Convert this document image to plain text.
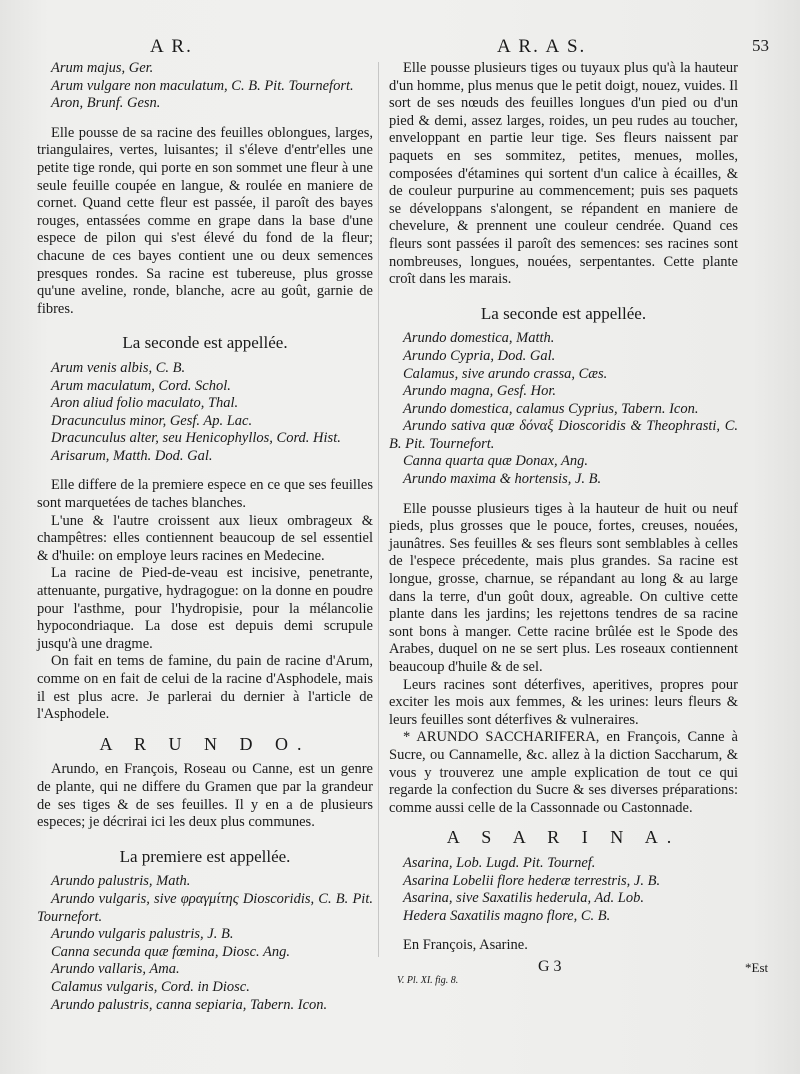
A R.	A R. A S.	53

Arum majus, Ger.

Arum vulgare non maculatum, C. B. Pit. Tournefort.

Aron, Brunf. Gesn.

Elle pousse de sa racine des feuilles oblongues, larges, triangulaires, vertes, luisantes; il s'éleve d'entr'elles une petite tige ronde, qui porte en son sommet une fleur à une seule feuille coupée en langue, & roulée en maniere de cornet. Quand cette fleur est passée, il paroît des bayes rouges, entassées comme en grape dans la base d'une espece de pilon qui s'est élevé du fond de la fleur; chacune de ces bayes contient une ou deux semences presques rondes. Sa racine est tubereuse, plus grosse qu'une aveline, ronde, blanche, acre au goût, garnie de fibres.

La seconde est appellée.

Arum venis albis, C. B.

Arum maculatum, Cord. Schol.

Aron aliud folio maculato, Thal.

Dracunculus minor, Gesf. Ap. Lac.

Dracunculus alter, seu Henicophyllos, Cord. Hist.

Arisarum, Matth. Dod. Gal.

Elle differe de la premiere espece en ce que ses feuilles sont marquetées de taches blanches.

L'une & l'autre croissent aux lieux ombrageux & champêtres: elles contiennent beaucoup de sel essentiel & d'huile: on employe leurs racines en Medecine.

La racine de Pied-de-veau est incisive, penetrante, attenuante, purgative, hydragogue: on la donne en poudre pour l'asthme, pour l'hydropisie, pour la mélancolie hypocondriaque. La dose est depuis demi scrupule jusqu'à une dragme.

On fait en tems de famine, du pain de racine d'Arum, comme on en fait de celui de la racine d'Asphodele, mais il est plus acre. Je parlerai du dernier à l'article de l'Asphodele.

A R U N D O.

Arundo, en François, Roseau ou Canne, est un genre de plante, qui ne differe du Gramen que par la grandeur de ses tiges & de ses feuilles. Il y en a de plusieurs especes; je décrirai ici les deux plus communes.

La premiere est appellée.

Arundo palustris, Math.

Arundo vulgaris, sive φραγμίτης Dioscoridis, C. B. Pit. Tournefort.

Arundo vulgaris palustris, J. B.

Canna secunda quæ fœmina, Diosc. Ang.

Arundo vallaris, Ama.

Calamus vulgaris, Cord. in Diosc.

Arundo palustris, canna sepiaria, Tabern. Icon.

Elle pousse plusieurs tiges ou tuyaux plus qu'à la hauteur d'un homme, plus menus que le petit doigt, nouez, vuides. Il sort de ses nœuds des feuilles longues d'un pied ou d'un pied & demi, assez larges, roides, un peu rudes au toucher, enveloppant en partie leur tige. Ses fleurs naissent par paquets en ses sommitez, petites, menues, molles, composées d'étamines qui sortent d'un calice à écailles, & de couleur purpurine au commencement; puis ses paquets se développans s'alongent, se répandent en maniere de chevelure, & prennent une couleur cendrée. Quand ces fleurs sont passées il paroît des semences: ses racines sont nombreuses, longues, nouées, serpentantes. Cette plante croît dans les marais.

La seconde est appellée.

Arundo domestica, Matth.

Arundo Cypria, Dod. Gal.

Calamus, sive arundo crassa, Cæs.

Arundo magna, Gesf. Hor.

Arundo domestica, calamus Cyprius, Tabern. Icon.

Arundo sativa quæ δόναξ Dioscoridis & Theophrasti, C. B. Pit. Tournefort.

Canna quarta quæ Donax, Ang.

Arundo maxima & hortensis, J. B.

Elle pousse plusieurs tiges à la hauteur de huit ou neuf pieds, plus grosses que le pouce, fortes, creuses, nouées, jaunâtres. Ses feuilles & ses fleurs sont semblables à celles de l'espece précedente, mais plus grandes. Sa racine est longue, grosse, charnue, se répandant au long & au large dans la terre, d'un goût doux, agreable. On cultive cette plante dans les jardins; les rejettons tendres de sa racine sont bons à manger. Cette racine brûlée est le Spode des Arabes, duquel on ne se sert plus. Les roseaux contiennent beaucoup d'huile & de sel.

Leurs racines sont déterfives, aperitives, propres pour exciter les mois aux femmes, & les urines: leurs fleurs & leurs feuilles sont déterfives & vulneraires.

* ARUNDO SACCHARIFERA, en François, Canne à Sucre, ou Cannamelle, &c. allez à la diction Saccharum, & vous y trouverez une ample explication de tout ce qui regarde la confection du Sucre & ses diverses préparations: comme aussi celle de la Cassonnade ou Castonnade.

A S A R I N A.

Asarina, Lob. Lugd. Pit. Tournef.

Asarina Lobelii flore hederæ terrestris, J. B.

Asarina, sive Saxatilis hederula, Ad. Lob.

Hedera Saxatilis magno flore, C. B.

En François, Asarine.

G 3
V. Pl. XI. fig. 8.
*Est
